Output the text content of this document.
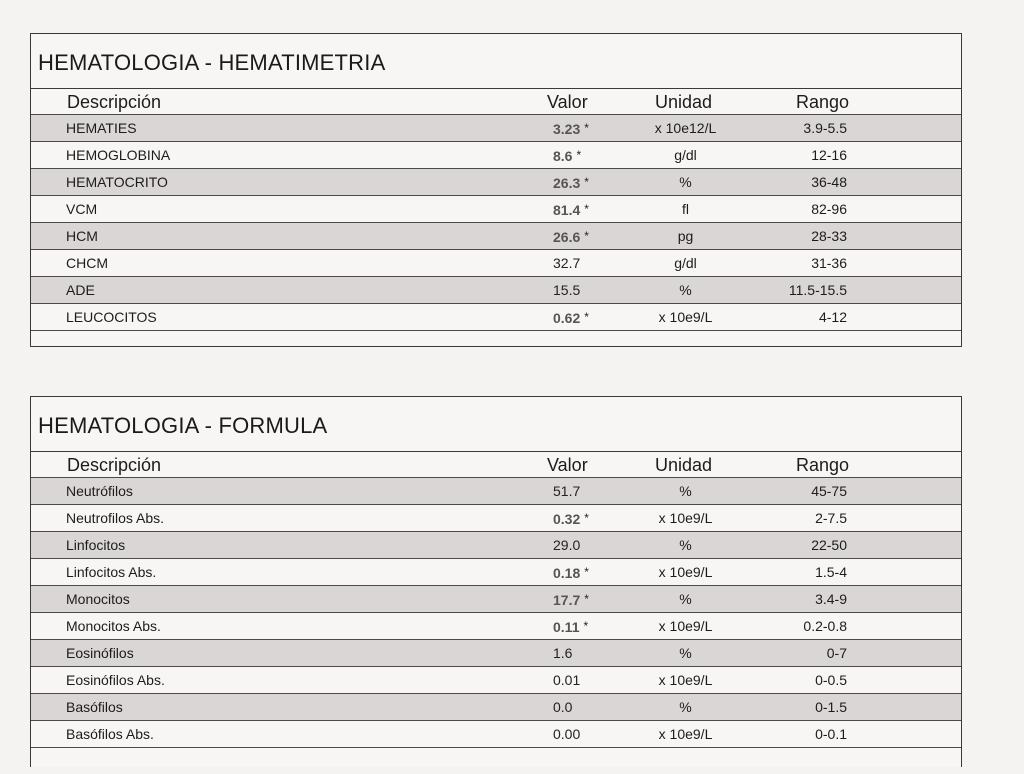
HEMATOLOGIA - HEMATIMETRIA
Descripción	Valor	Unidad	Rango
HEMATIES	3.23 *	x 10e12/L	3.9-5.5
HEMOGLOBINA	8.6 *	g/dl	12-16
HEMATOCRITO	26.3 *	%	36-48
VCM	81.4 *	fl	82-96
HCM	26.6 *	pg	28-33
CHCM	32.7	g/dl	31-36
ADE	15.5	%	11.5-15.5
LEUCOCITOS	0.62 *	x 10e9/L	4-12
HEMATOLOGIA - FORMULA
Descripción	Valor	Unidad	Rango
Neutrófilos	51.7	%	45-75
Neutrofilos Abs.	0.32 *	x 10e9/L	2-7.5
Linfocitos	29.0	%	22-50
Linfocitos Abs.	0.18 *	x 10e9/L	1.5-4
Monocitos	17.7 *	%	3.4-9
Monocitos Abs.	0.11 *	x 10e9/L	0.2-0.8
Eosinófilos	1.6	%	0-7
Eosinófilos Abs.	0.01	x 10e9/L	0-0.5
Basófilos	0.0	%	0-1.5
Basófilos Abs.	0.00	x 10e9/L	0-0.1
